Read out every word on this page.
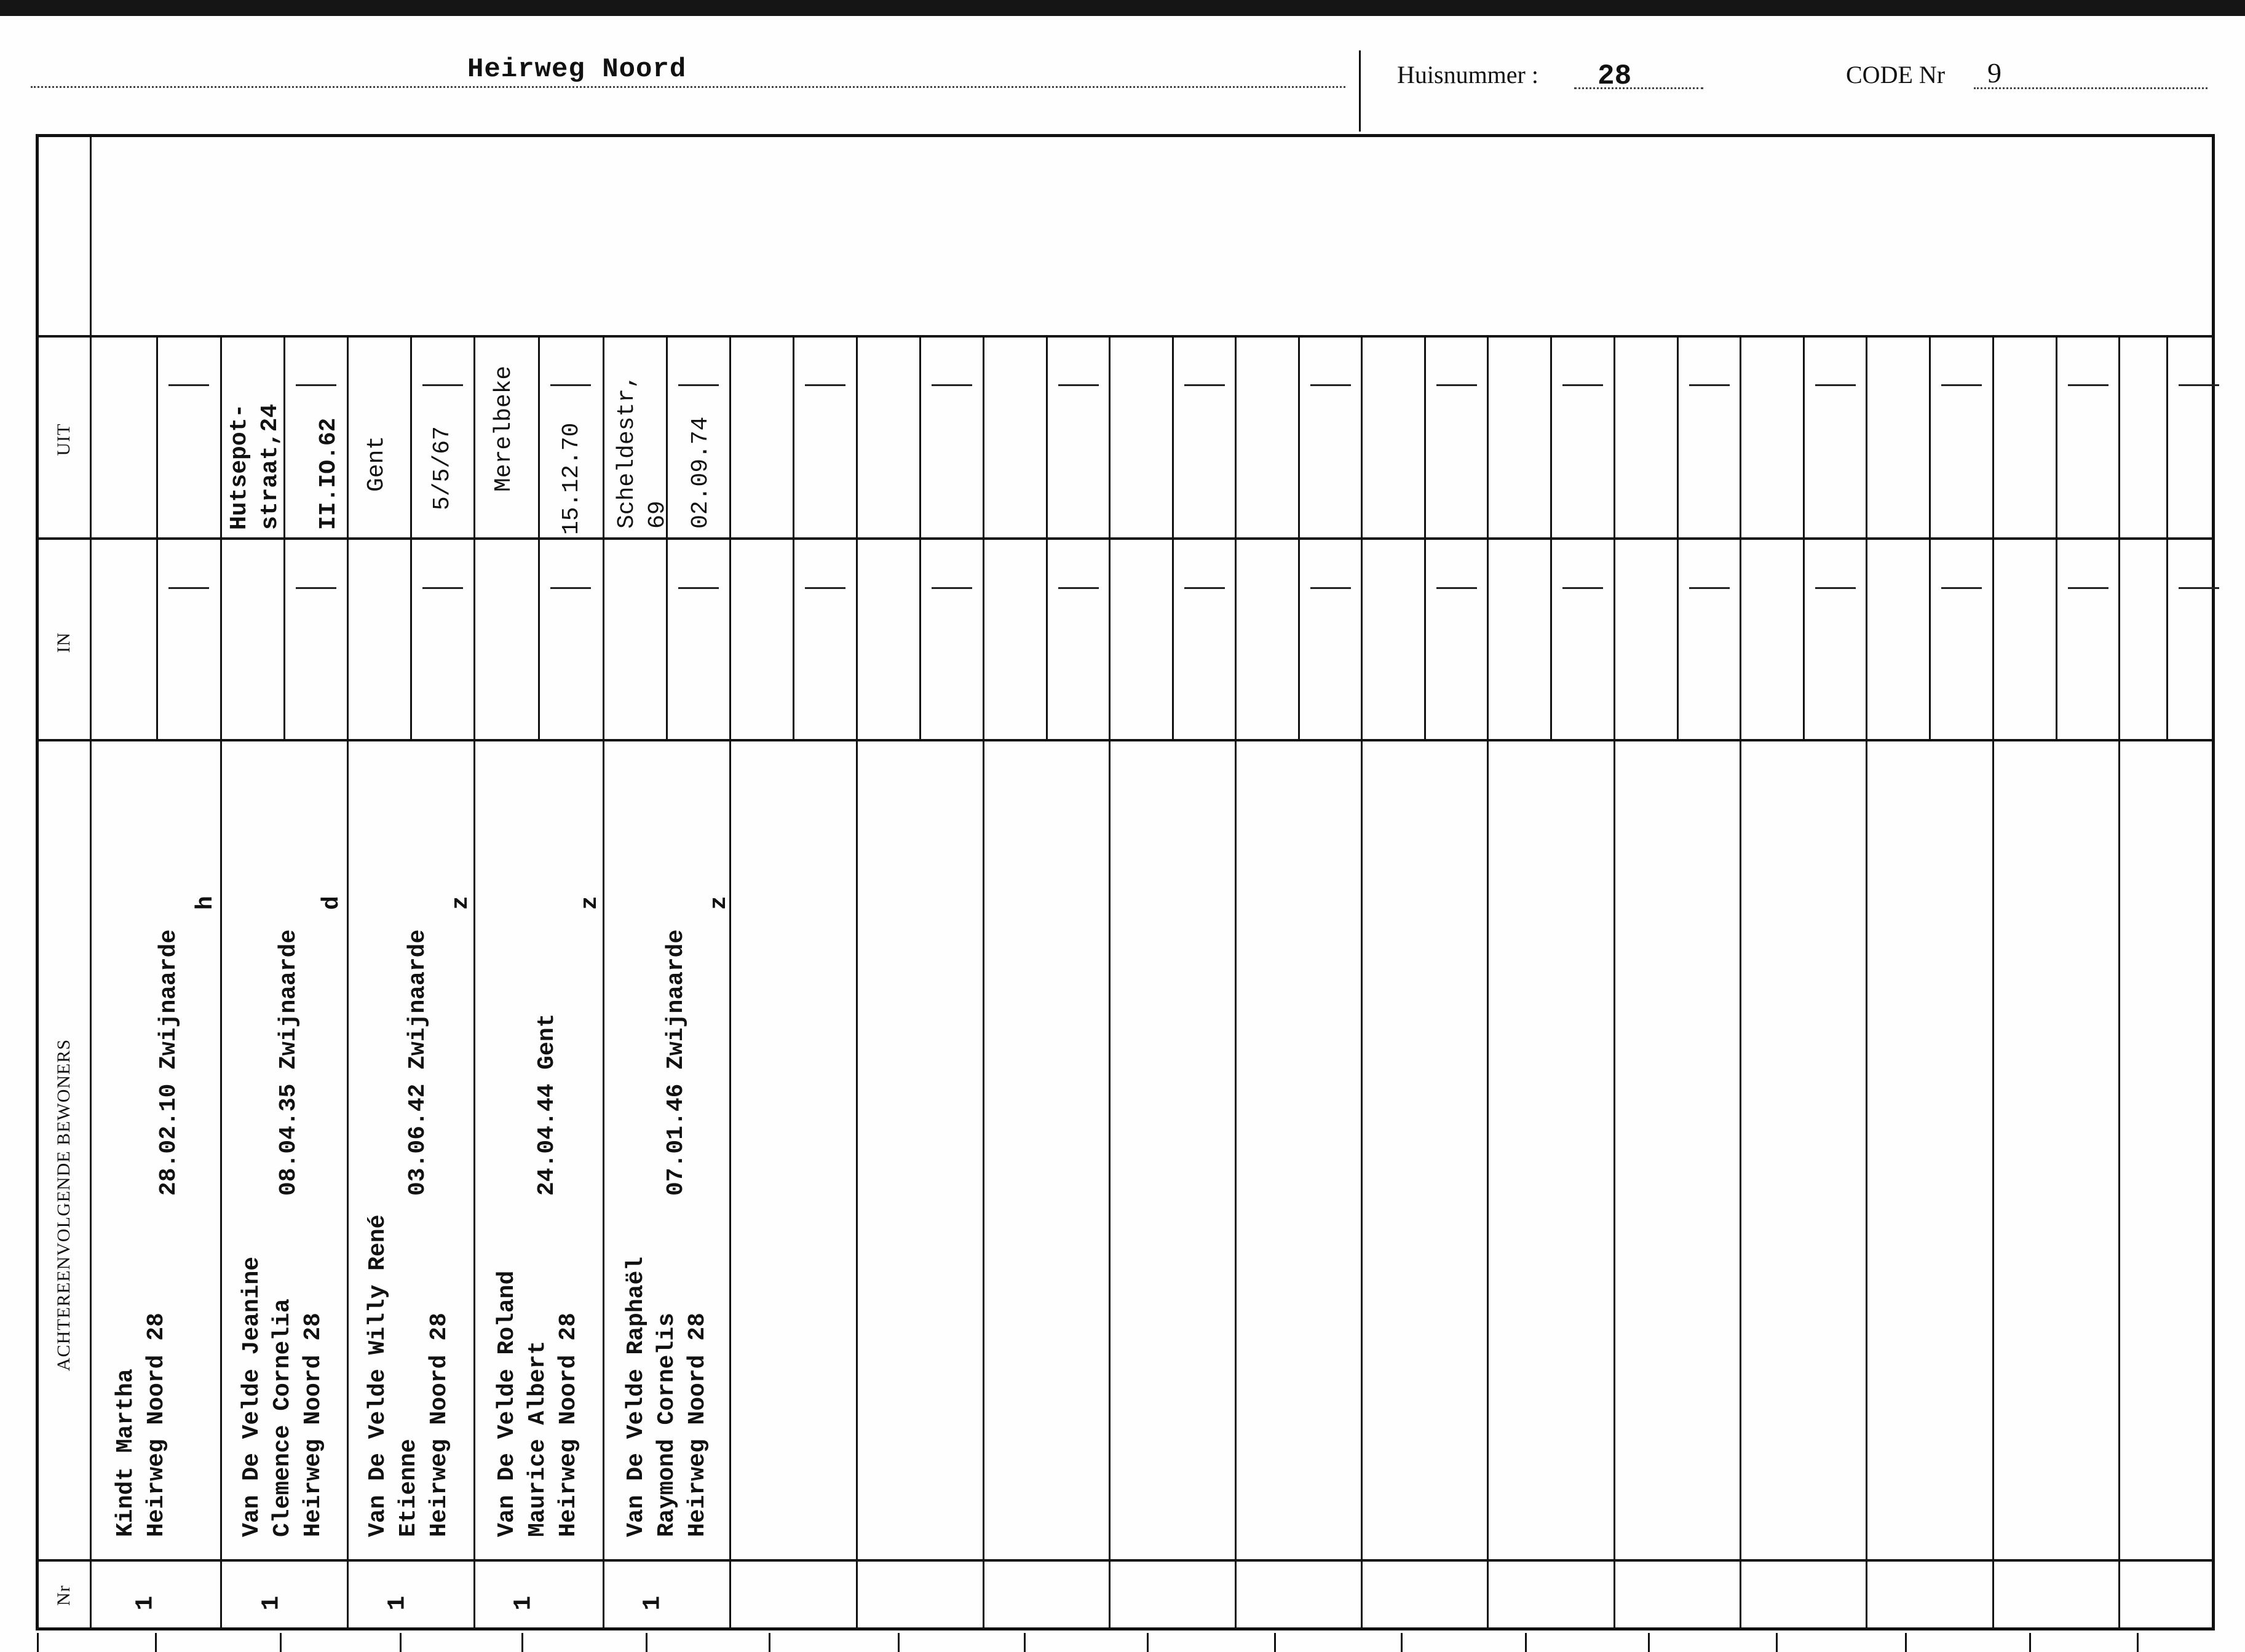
Heirweg Noord	Huisnummer : 28	CODE Nr 9
UIT
IN
ACHTEREENVOLGENDE BEWONERS
Nr
Kindt Martha Heirweg Noord 28
28.02.10 Zwijnaarde
h
1
Van De Velde Jeanine Clemence Cornelia Heirweg Noord 28
08.04.35 Zwijnaarde
d
Hutsepot-
straat,24 II.IO.62
1
Van De Velde Willy René Etienne Heirweg Noord 28
03.06.42 Zwijnaarde
z
Gent 5/5/67
1
Van De Velde Roland Maurice Albert Heirweg Noord 28
24.04.44 Gent
z
Merelbeke 15.12.70
1
Van De Velde Raphaël Raymond Cornelis Heirweg Noord 28
07.01.46 Zwijnaarde
z
Scheldestr,
69 02.09.74
1
